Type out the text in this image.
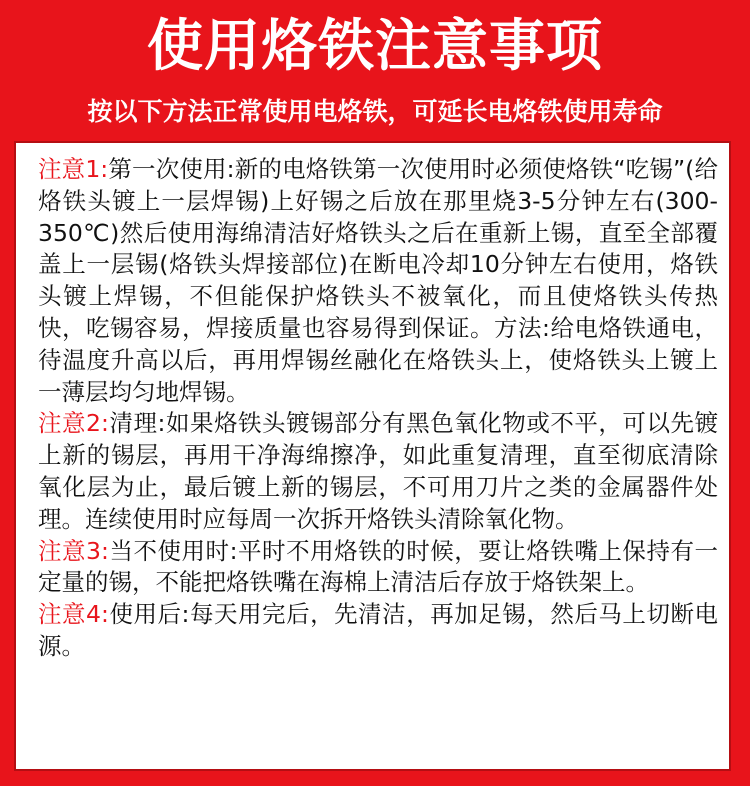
使用烙铁注意事项
按以下方法正常使用电烙铁，可延长电烙铁使用寿命

注意1:第一次使用:新的电烙铁第一次使用时必须使烙铁“吃锡”(给烙铁头镀上一层焊锡)上好锡之后放在那里烧3-5分钟左右(300-350℃)然后使用海绵清洁好烙铁头之后在重新上锡，直至全部覆盖上一层锡(烙铁头焊接部位)在断电冷却10分钟左右使用，烙铁头镀上焊锡，不但能保护烙铁头不被氧化，而且使烙铁头传热快，吃锡容易，焊接质量也容易得到保证。方法:给电烙铁通电，待温度升高以后，再用焊锡丝融化在烙铁头上，使烙铁头上镀上一薄层均匀地焊锡。

注意2:清理:如果烙铁头镀锡部分有黑色氧化物或不平，可以先镀上新的锡层，再用干净海绵擦净，如此重复清理，直至彻底清除氧化层为止，最后镀上新的锡层，不可用刀片之类的金属器件处理。连续使用时应每周一次拆开烙铁头清除氧化物。

注意3:当不使用时:平时不用烙铁的时候，要让烙铁嘴上保持有一定量的锡，不能把烙铁嘴在海棉上清洁后存放于烙铁架上。

注意4:使用后:每天用完后，先清洁，再加足锡，然后马上切断电源。
